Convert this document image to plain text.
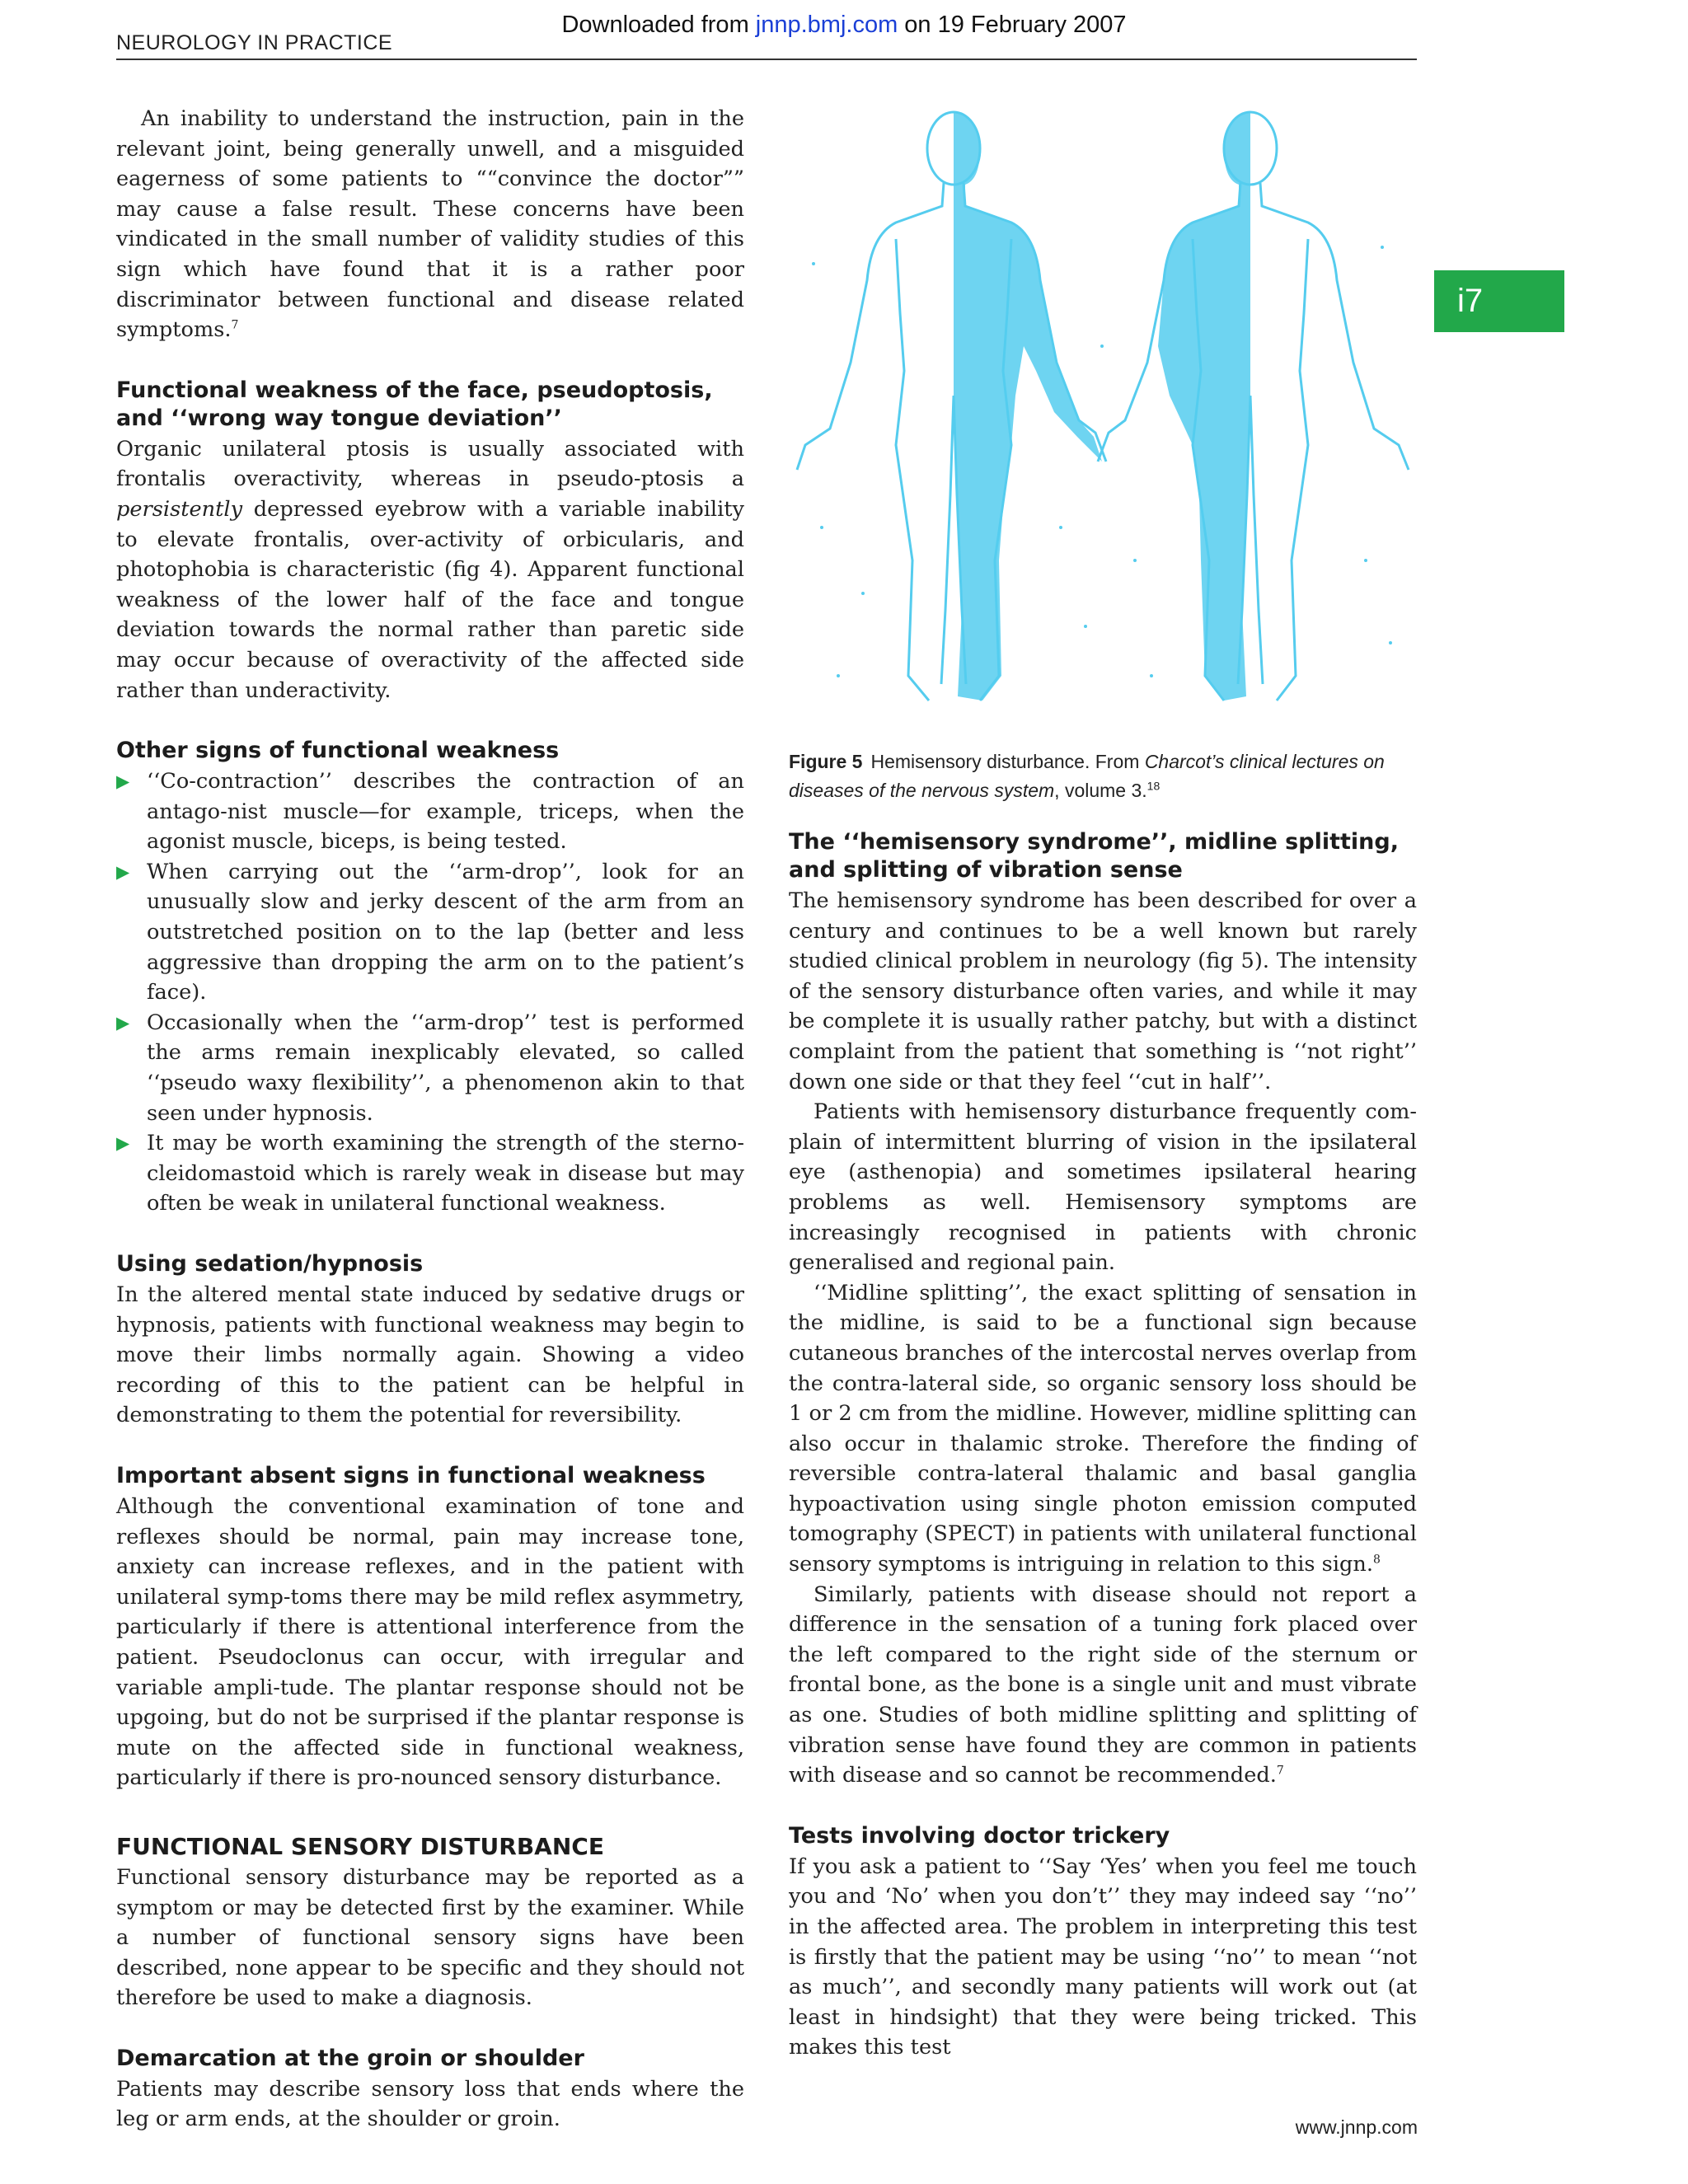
Downloaded from jnnp.bmj.com on 19 February 2007
NEUROLOGY IN PRACTICE
i7

An inability to understand the instruction, pain in the relevant joint, being generally unwell, and a misguided eagerness of some patients to ““convince the doctor”” may cause a false result. These concerns have been vindicated in the small number of validity studies of this sign which have found that it is a rather poor discriminator between functional and disease related symptoms.$^7$

Functional weakness of the face, pseudoptosis, and ‘‘wrong way tongue deviation’’

Organic unilateral ptosis is usually associated with frontalis overactivity, whereas in pseudo-ptosis a persistently depressed eyebrow with a variable inability to elevate frontalis, over-activity of orbicularis, and photophobia is characteristic (fig 4). Apparent functional weakness of the lower half of the face and tongue deviation towards the normal rather than paretic side may occur because of overactivity of the affected side rather than underactivity.

Other signs of functional weakness
▶ ‘‘Co-contraction’’ describes the contraction of an antago-nist muscle—for example, triceps, when the agonist muscle, biceps, is being tested.
▶ When carrying out the ‘‘arm-drop’’, look for an unusually slow and jerky descent of the arm from an outstretched position on to the lap (better and less aggressive than dropping the arm on to the patient’s face).
▶ Occasionally when the ‘‘arm-drop’’ test is performed the arms remain inexplicably elevated, so called ‘‘pseudo waxy flexibility’’, a phenomenon akin to that seen under hypnosis.
▶ It may be worth examining the strength of the sterno-cleidomastoid which is rarely weak in disease but may often be weak in unilateral functional weakness.
Using sedation/hypnosis

In the altered mental state induced by sedative drugs or hypnosis, patients with functional weakness may begin to move their limbs normally again. Showing a video recording of this to the patient can be helpful in demonstrating to them the potential for reversibility.

Important absent signs in functional weakness

Although the conventional examination of tone and reflexes should be normal, pain may increase tone, anxiety can increase reflexes, and in the patient with unilateral symp-toms there may be mild reflex asymmetry, particularly if there is attentional interference from the patient. Pseudoclonus can occur, with irregular and variable ampli-tude. The plantar response should not be upgoing, but do not be surprised if the plantar response is mute on the affected side in functional weakness, particularly if there is pro-nounced sensory disturbance.

FUNCTIONAL SENSORY DISTURBANCE

Functional sensory disturbance may be reported as a symptom or may be detected first by the examiner. While a number of functional sensory signs have been described, none appear to be specific and they should not therefore be used to make a diagnosis.

Demarcation at the groin or shoulder

Patients may describe sensory loss that ends where the leg or arm ends, at the shoulder or groin.

Figure 5 Hemisensory disturbance. From Charcot’s clinical lectures on diseases of the nervous system, volume 3.18
The ‘‘hemisensory syndrome’’, midline splitting, and splitting of vibration sense

The hemisensory syndrome has been described for over a century and continues to be a well known but rarely studied clinical problem in neurology (fig 5). The intensity of the sensory disturbance often varies, and while it may be complete it is usually rather patchy, but with a distinct complaint from the patient that something is ‘‘not right’’ down one side or that they feel ‘‘cut in half’’.

Patients with hemisensory disturbance frequently com-plain of intermittent blurring of vision in the ipsilateral eye (asthenopia) and sometimes ipsilateral hearing problems as well. Hemisensory symptoms are increasingly recognised in patients with chronic generalised and regional pain.

‘‘Midline splitting’’, the exact splitting of sensation in the midline, is said to be a functional sign because cutaneous branches of the intercostal nerves overlap from the contra-lateral side, so organic sensory loss should be 1 or 2 cm from the midline. However, midline splitting can also occur in thalamic stroke. Therefore the finding of reversible contra-lateral thalamic and basal ganglia hypoactivation using single photon emission computed tomography (SPECT) in patients with unilateral functional sensory symptoms is intriguing in relation to this sign.$^8$

Similarly, patients with disease should not report a difference in the sensation of a tuning fork placed over the left compared to the right side of the sternum or frontal bone, as the bone is a single unit and must vibrate as one. Studies of both midline splitting and splitting of vibration sense have found they are common in patients with disease and so cannot be recommended.$^7$

Tests involving doctor trickery

If you ask a patient to ‘‘Say ‘Yes’ when you feel me touch you and ‘No’ when you don’t’’ they may indeed say ‘‘no’’ in the affected area. The problem in interpreting this test is firstly that the patient may be using ‘‘no’’ to mean ‘‘not as much’’, and secondly many patients will work out (at least in hindsight) that they were being tricked. This makes this test

www.jnnp.com
